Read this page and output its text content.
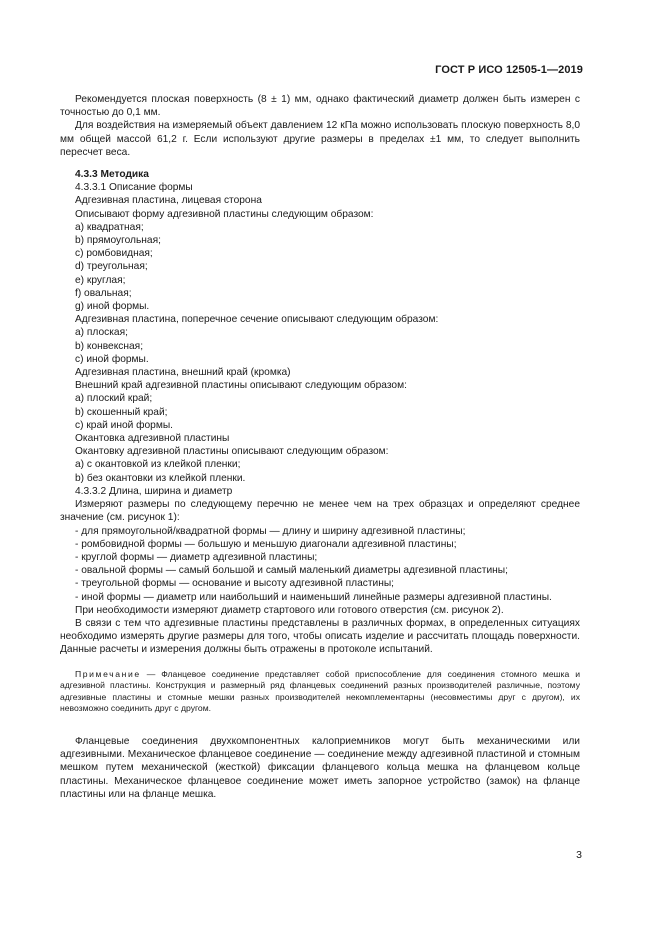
ГОСТ Р ИСО 12505-1—2019

Рекомендуется плоская поверхность (8 ± 1) мм, однако фактический диаметр должен быть измерен с точностью до 0,1 мм.

Для воздействия на измеряемый объект давлением 12 кПа можно использовать плоскую поверхность 8,0 мм общей массой 61,2 г. Если используют другие размеры в пределах ±1 мм, то следует выполнить пересчет веса.

4.3.3 Методика

4.3.3.1 Описание формы

Адгезивная пластина, лицевая сторона

Описывают форму адгезивной пластины следующим образом:

a) квадратная;

b) прямоугольная;

c) ромбовидная;

d) треугольная;

e) круглая;

f) овальная;

g) иной формы.

Адгезивная пластина, поперечное сечение описывают следующим образом:

a) плоская;

b) конвексная;

c) иной формы.

Адгезивная пластина, внешний край (кромка)

Внешний край адгезивной пластины описывают следующим образом:

a) плоский край;

b) скошенный край;

c) край иной формы.

Окантовка адгезивной пластины

Окантовку адгезивной пластины описывают следующим образом:

a) с окантовкой из клейкой пленки;

b) без окантовки из клейкой пленки.

4.3.3.2 Длина, ширина и диаметр

Измеряют размеры по следующему перечню не менее чем на трех образцах и определяют среднее значение (см. рисунок 1):

- для прямоугольной/квадратной формы — длину и ширину адгезивной пластины;

- ромбовидной формы — большую и меньшую диагонали адгезивной пластины;

- круглой формы — диаметр адгезивной пластины;

- овальной формы — самый большой и самый маленький диаметры адгезивной пластины;

- треугольной формы — основание и высоту адгезивной пластины;

- иной формы — диаметр или наибольший и наименьший линейные размеры адгезивной пластины.

При необходимости измеряют диаметр стартового или готового отверстия (см. рисунок 2).

В связи с тем что адгезивные пластины представлены в различных формах, в определенных ситуациях необходимо измерять другие размеры для того, чтобы описать изделие и рассчитать площадь поверхности. Данные расчеты и измерения должны быть отражены в протоколе испытаний.

Примечание — Фланцевое соединение представляет собой приспособление для соединения стомного мешка и адгезивной пластины. Конструкция и размерный ряд фланцевых соединений разных производителей различные, поэтому адгезивные пластины и стомные мешки разных производителей некомплементарны (несовместимы друг с другом), их невозможно соединить друг с другом.

Фланцевые соединения двухкомпонентных калоприемников могут быть механическими или адгезивными. Механическое фланцевое соединение — соединение между адгезивной пластиной и стомным мешком путем механической (жесткой) фиксации фланцевого кольца мешка на фланцевом кольце пластины. Механическое фланцевое соединение может иметь запорное устройство (замок) на фланце пластины или на фланце мешка.

3
